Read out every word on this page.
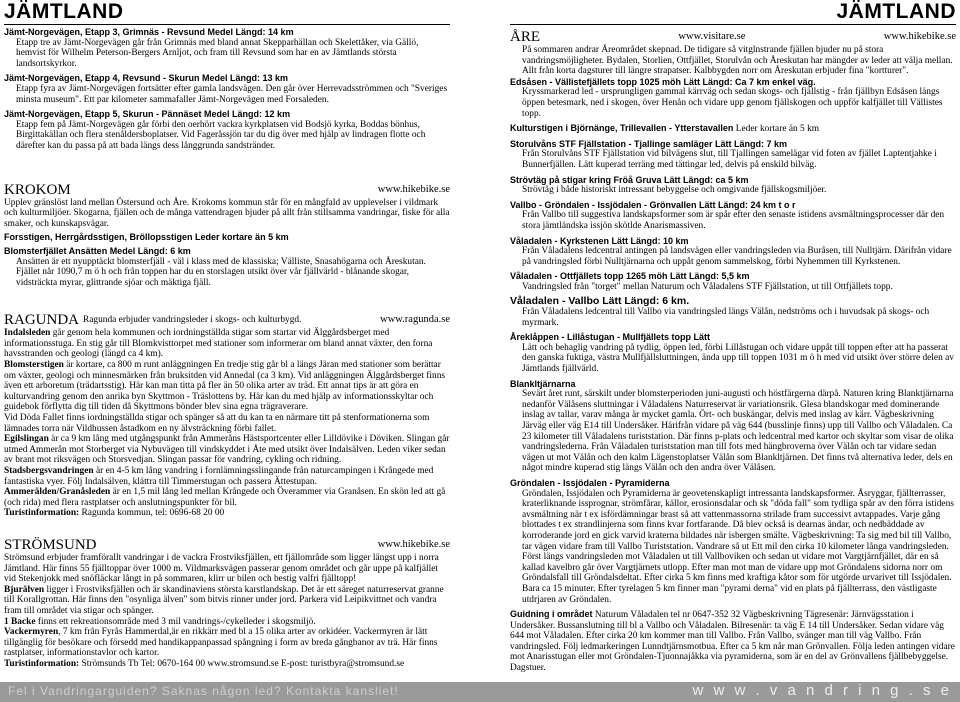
JÄMTLAND
Jämt-Norgevägen, Etapp 3, Grimnäs - Revsund Medel Längd: 14 km
Etapp tre av Jämt-Norgevägen går från Grimnäs med bland annat Skepparhällan och Skelettåker, via Gällö, hemvist för Wilhelm Peterson-Bergers Arnljot, och fram till Revsund som har en av Jämtlands största landsortskyrkor.
Jämt-Norgevägen, Etapp 4, Revsund - Skurun Medel Längd: 13 km
Etapp fyra av Jämt-Norgevägen fortsätter efter gamla landsvägen. Den går över Herrevadsströmmen och "Sveriges minsta museum". Ett par kilometer sammafaller Jämt-Norgevägen med Forsaleden.
Jämt-Norgevägen, Etapp 5, Skurun - Pännäset Medel Längd: 12 km
Etapp fem på Jämt-Norgevägen går förbi den oerhört vackra kyrkplatsen vid Bodsjö kyrka, Boddas bönhus, Birgittakällan och flera stenåldersboplatser. Vid Fageråssjön tar du dig över med hjälp av lindragen flotte och därefter kan du passa på att bada längs dess långgrunda sandstränder.
KROKOM	www.hikebike.se
Upplev gränslöst land mellan Östersund och Åre. Krokoms kommun står för en mångfald av upplevelser i vildmark och kulturmiljöer. Skogarna, fjällen och de många vattendragen bjuder på allt från stillsamma vandringar, fiske för alla smaker, och kunskapsvägar.
Forsstigen, Herrgårdsstigen, Bröllopsstigen Leder kortare än 5 km
Blomsterfjället Ansätten Medel Längd: 6 km
Ansätten är ett nyupptäckt blomsterfjäll - väl i klass med de klassiska; Välliste, Snasahögarna och Åreskutan. Fjället når 1090,7 m ö h och från toppen har du en storslagen utsikt över vår fjällvärld - blånande skogar, vidsträckta myrar, glittrande sjöar och mäktiga fjäll.
RAGUNDA Ragunda erbjuder vandringsleder i skogs- och kulturbygd.	www.ragunda.se
Indalsleden går genom hela kommunen och iordningställda stigar som startar vid Älggårdsberget med informationsstuga. En stig går till Blomkvisttorpet med stationer som informerar om bland annat växter, den forna havsstranden och geologi (längd ca 4 km).
Blomsterstigen är kortare, ca 800 m runt anläggningen En tredje stig går bl a längs Järan med stationer som berättar om växter, geologi och minnesmärken från bruksitden vid Annedal (ca 3 km). Vid anläggningen Älggårdsberget finns även ett arboretum (trädartsstig). Här kan man titta på fler än 50 olika arter av träd. Ett annat tips är att göra en kulturvandring genom den anrika byn Skyttmon - Träslottens by. Här kan du med hjälp av informationsskyltar och guidebok förflytta dig till tiden då Skyttmons bönder blev sina egna trägraverare.
Vid Döda Fallet finns iordningställda stigar och spänger så att du kan ta en närmare titt på stenformationerna som lämnades torra när Vildhussen åstadkom en ny älvsträckning förbi fallet.
Egilslingan är ca 9 km lång med utgångspunkt från Ammeråns Hästsportcenter eller Lilldövike i Döviken. Slingan går utmed Ammerån mot Storberget via Nybuvägen till vindskyddet i Åte med utsikt över Indalsälven. Leden viker sedan av brant mot riksvägen och Storsvedjan. Slingan passar för vandring, cykling och ridning.
Stadsbergsvandringen är en 4-5 km lång vandring i fornlämningsslingande från naturcampingen i Krångede med fantastiska vyer. Följ Indalsälven, klättra till Timmerstugan och passera Ättestupan.
Ammerälden/Granåsleden är en 1,5 mil lång led mellan Krångede och Överammer via Granåsen. En skön led att gå (och rida) med flera rastplatser och anslutningspunkter för bil.
Turistinformation: Ragunda kommun, tel: 0696-68 20 00
STRÖMSUND	www.hikebike.se
Strömsund erbjuder framförallt vandringar i de vackra Frostviksfjällen, ett fjällområde som ligger längst upp i norra Jämtland. Här finns 55 fjälltoppar över 1000 m. Vildmarksvägen passerar genom området och går uppe på kalfjället vid Stekenjokk med snöfläckar långt in på sommaren, klirr ur bilen och bestig valfri fjälltopp!
Bjurälven ligger i Frostviksfjällen och är skandinaviens största karstlandskap. Det är ett säreget naturreservat granne till Korallgrottan. Här finns den "osynliga älven" som bitvis rinner under jord. Parkera vid Leipikvittnet och vandra fram till området via stigar och spänger.
1 Backe finns ett rekreationsområde med 3 mil vandrings-/cykelleder i skogsmiljö.
Vackermyren, 7 km från Fyrås Hammerdal,är en rikkärr med bl a 15 olika arter av orkidéer. Vackermyren är lätt tillgänglig för besökare och försedd med handikappanpassad spångning i form av breda gångbanor av trä. Här finns rastplatser, informationstavlor och kartor.
Turistinformation: Strömsunds Tb Tel: 0670-164 00 www.stromsund.se E-post: turistbyra@stromsund.se
JÄMTLAND
ÅRE	www.visitare.se	www.hikebike.se
På sommaren andrar Åreområdet skepnad. De tidigare så vitglnstrande fjällen bjuder nu på stora vandringsmöjligheter. Bydalen, Storlien, Ottfjället, Storulvån och Åreskutan har mängder av leder att välja mellan. Allt från korta dagsturer till längre strapatser. Kalbbygden norr om Åreskutan erbjuder fina "kortturer".
Edsåsen - Vällistefjällets topp 1025 möh Lätt Längd: Ca 7 km enkel väg.
Kryssmarkerad led - ursprungligen gammal kärrväg och sedan skogs- och fjällstig - från fjällbyn Edsåsen längs öppen betesmark, ned i skogen, över Henån och vidare upp genom fjällskogen och uppför kalfjället till Vällistes topp.
Kulturstigen i Björnänge, Trillevallen - Ytterstavallen Leder kortare än 5 km
Storulvåns STF Fjällstation - Tjallinge samläger Lätt Längd: 7 km
Från Storulvåns STF Fjällstation vid bilvägens slut, till Tjallingen samelägar vid foten av fjället Laptentjahke i Bunnerfjällen. Lätt kuperad terräng med tättingar led, delvis på enskild bilväg.
Strövtäg på stigar kring Fröå Gruva Lätt Längd: ca 5 km
Strövtåg i både historiskt intressant bebyggelse och omgivande fjällskogsmiljöer.
Vallbo - Gröndalen - Issjödalen - Grönvallen Lätt Längd: 24 km t o r
Från Vallbo till suggestiva landskapsformer som är spår efter den senaste istidens avsmältningsprocesser där den stora jämtländska issjön skötlde Anarismassiven.
Våladalen - Kyrkstenen Lätt Längd: 10 km
Från Våladalens ledcentral antingen på landsvägen eller vandringsleden via Buråsen, till Nulltjärn. Därifrån vidare på vandringsled förbi Nulltjärnarna och uppåt genom sammelskog, förbi Nyhemmen till Kyrkstenen.
Våladalen - Ottfjällets topp 1265 möh Lätt Längd: 5,5 km
Vandringsled från "torget" mellan Naturum och Våladalens STF Fjällstation, ut till Ottfjällets topp.
Våladalen - Vallbo Lätt Längd: 6 km.
Från Våladalens ledcentral till Vallbo via vandringsled längs Välån, nedströms och i huvudsak på skogs- och myrmark.
Åreklåppen - Lillåstugan - Mullfjällets topp Lätt
Lätt och behaglig vandring på tydlig, öppen led, förbi Lillåstugan och vidare uppåt till toppen efter att ha passerat den ganska fuktiga, västra Mullfjällsluttningen, ända upp till toppen 1031 m ö h med vid utsikt över större delen av Jämtlands fjällvärld.
Blankltjärnarna
Sevärt året runt, särskilt under blomsterperioden juni-augusti och höstfärgerna därpå. Naturen kring Blanktjärnarna nedanför Välåsens sluttningar i Våladalens Naturreservat är variationsrik. Glesa blandskogar med dominerande inslag av tallar, varav många är mycket gamla. Ört- och buskängar, delvis med inslag av kärr. Vägbeskrivning Järväg eller väg E14 till Undersåker. Härifrån vidare på väg 644 (busslinje finns) upp till Vallbo och Våladalen. Ca 23 kilometer till Våladalens turiststation. Där finns p-plats och ledcentral med kartor och skyltar som visar de olika vandringslederna. Från Våladalen turiststation man till fots med hängbroverna över Välån och tar vidare sedan vägen ut mot Välån och den kalm Lägenstoplatser Välån som Blankltjärnen. Det finns två alternativa leder, dels en något mindre kuperad stig längs Välån och den andra över Välåsen.
Gröndalen - Issjödalen - Pyramiderna
Gröndalen, Issjödalen och Pyramiderna är geovetenskapligt intressanta landskapsformer. Åsryggar, fjällterrasser, kraterliknande issprognar, strömfårar, källor, erosionsdalar och sk "döda fall" som tydliga spår av den förra istidens avsmältning när t ex isfördämningar brast så att vattenmassorna strilade fram successivt avtappades. Varje gång blottades t ex strandlinjerna som finns kvar fortfarande. Då blev också is dearnas ändar, och nedbäddade av korroderande jord en gick varvid kraterna bildades när isbergen smälte. Vägbeskrivning: Ta sig med bil till Vallbo, tar vägen vidare fram till Vallbo Turiststation. Vandrare så ut Ett mil den cirka 10 kilometer långa vandringsleden. Först längs vandringsleden mot Våladalen ut till Vallboviken och sedan ut vidare mot Vargtjärnfjället, där en så kallad kavelbro går över Vargtjärnets utlopp. Efter man mot man de vidare upp mot Gröndalens sidorna norr om Gröndalsfall till Gröndalsdeltat. Efter cirka 5 km finns med kraftiga kåtor som för utgörde urvarivet till Issjödalen. Bara ca 15 minuter. Efter tyrelagen 5 km finner man "pyrami derna" vid en plats på fjällterrass, den västligaste utdrjaren av Gröndalen.
Guidning i området Naturum Våladalen tel nr 0647-352 32 Vägbeskrivning Tägresenär: Järnvägsstation i Undersåker. Bussanslutning till bl a Vallbo och Våladalen. Bilresenär: ta väg E 14 till Undersåker. Sedan vidare väg 644 mot Våladalen. Efter cirka 20 km kommer man till Vallbo. Från Vallbo, svänger man till väg Vallbo. Från vandringsled. Följ ledmarkeringen Lunndtjärnsmotbua. Efter ca 5 km når man Grönvallen. Följa leden antingen vidare mot Anarisstugan eller mot Gröndalen-Tjuonnajåkka via pyramiderna, som är en del av Grönvallens fjällbebyggelse. Dagstuer.
Fel i Vandringarguiden? Saknas någon led? Kontakta kansliet!	w w w . v a n d r i n g . s e
